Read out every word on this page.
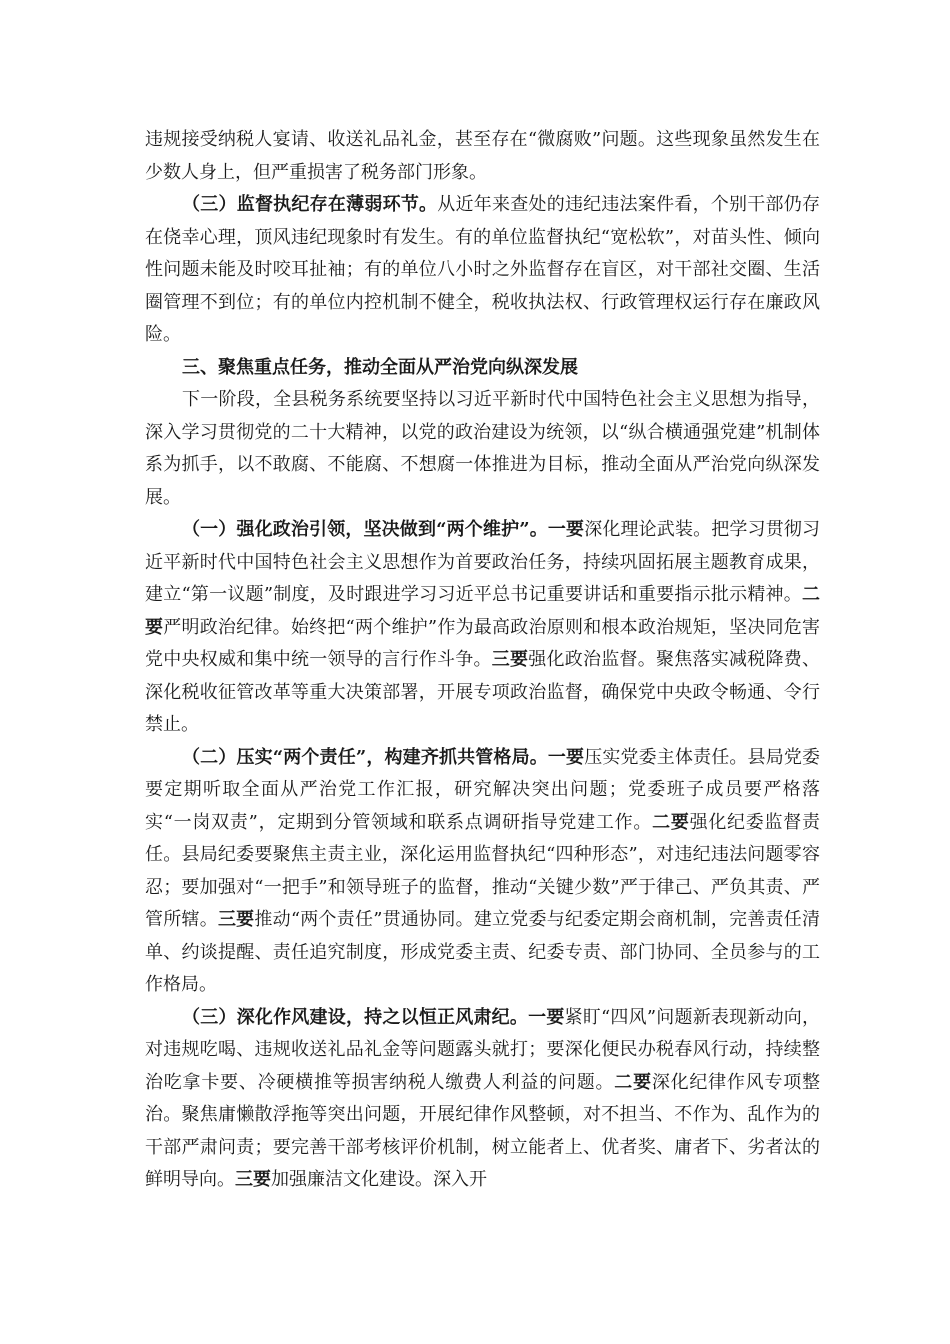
违规接受纳税人宴请、收送礼品礼金，甚至存在“微腐败”问题。这些现象虽然发生在少数人身上，但严重损害了税务部门形象。

（三）监督执纪存在薄弱环节。从近年来查处的违纪违法案件看，个别干部仍存在侥幸心理，顶风违纪现象时有发生。有的单位监督执纪“宽松软”，对苗头性、倾向性问题未能及时咬耳扯袖；有的单位八小时之外监督存在盲区，对干部社交圈、生活圈管理不到位；有的单位内控机制不健全，税收执法权、行政管理权运行存在廉政风险。

三、聚焦重点任务，推动全面从严治党向纵深发展

下一阶段，全县税务系统要坚持以习近平新时代中国特色社会主义思想为指导，深入学习贯彻党的二十大精神，以党的政治建设为统领，以“纵合横通强党建”机制体系为抓手，以不敢腐、不能腐、不想腐一体推进为目标，推动全面从严治党向纵深发展。

（一）强化政治引领，坚决做到“两个维护”。一要深化理论武装。把学习贯彻习近平新时代中国特色社会主义思想作为首要政治任务，持续巩固拓展主题教育成果，建立“第一议题”制度，及时跟进学习习近平总书记重要讲话和重要指示批示精神。二要严明政治纪律。始终把“两个维护”作为最高政治原则和根本政治规矩，坚决同危害党中央权威和集中统一领导的言行作斗争。三要强化政治监督。聚焦落实减税降费、深化税收征管改革等重大决策部署，开展专项政治监督，确保党中央政令畅通、令行禁止。

（二）压实“两个责任”，构建齐抓共管格局。一要压实党委主体责任。县局党委要定期听取全面从严治党工作汇报，研究解决突出问题；党委班子成员要严格落实“一岗双责”，定期到分管领域和联系点调研指导党建工作。二要强化纪委监督责任。县局纪委要聚焦主责主业，深化运用监督执纪“四种形态”，对违纪违法问题零容忍；要加强对“一把手”和领导班子的监督，推动“关键少数”严于律己、严负其责、严管所辖。三要推动“两个责任”贯通协同。建立党委与纪委定期会商机制，完善责任清单、约谈提醒、责任追究制度，形成党委主责、纪委专责、部门协同、全员参与的工作格局。

（三）深化作风建设，持之以恒正风肃纪。一要紧盯“四风”问题新表现新动向，对违规吃喝、违规收送礼品礼金等问题露头就打；要深化便民办税春风行动，持续整治吃拿卡要、冷硬横推等损害纳税人缴费人利益的问题。二要深化纪律作风专项整治。聚焦庸懒散浮拖等突出问题，开展纪律作风整顿，对不担当、不作为、乱作为的干部严肃问责；要完善干部考核评价机制，树立能者上、优者奖、庸者下、劣者汰的鲜明导向。三要加强廉洁文化建设。深入开
